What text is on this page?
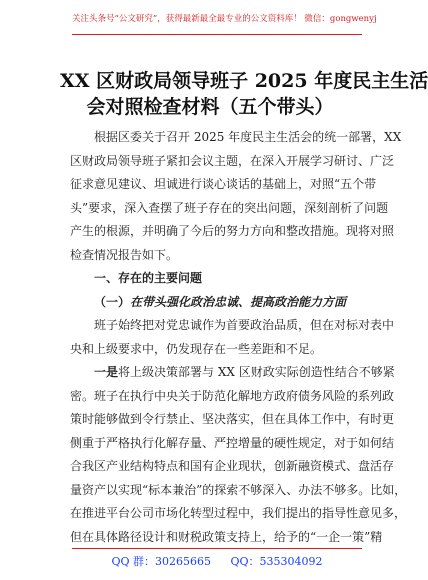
关注头条号“公文研究”，获得最新最全最专业的公文资料库！ 微信：gongwenyj
XX 区财政局领导班子 2025 年度民主生活
会对照检查材料（五个带头）
根据区委关于召开 2025 年度民主生活会的统一部署，XX
区财政局领导班子紧扣会议主题，在深入开展学习研讨、广泛
征求意见建议、坦诚进行谈心谈话的基础上，对照“五个带
头”要求，深入查摆了班子存在的突出问题，深刻剖析了问题
产生的根源，并明确了今后的努力方向和整改措施。现将对照
检查情况报告如下。
一、存在的主要问题
（一）在带头强化政治忠诚、提高政治能力方面
班子始终把对党忠诚作为首要政治品质，但在对标对表中
央和上级要求中，仍发现存在一些差距和不足。
一是将上级决策部署与 XX 区财政实际创造性结合不够紧
密。班子在执行中央关于防范化解地方政府债务风险的系列政
策时能够做到令行禁止、坚决落实，但在具体工作中，有时更
侧重于严格执行化解存量、严控增量的硬性规定，对于如何结
合我区产业结构特点和国有企业现状，创新融资模式、盘活存
量资产以实现“标本兼治”的探索不够深入、办法不够多。比如，
在推进平台公司市场化转型过程中，我们提出的指导性意见多，
但在具体路径设计和财税政策支持上，给予的“一企一策”精
QQ 群：30265665 QQ：535304092
